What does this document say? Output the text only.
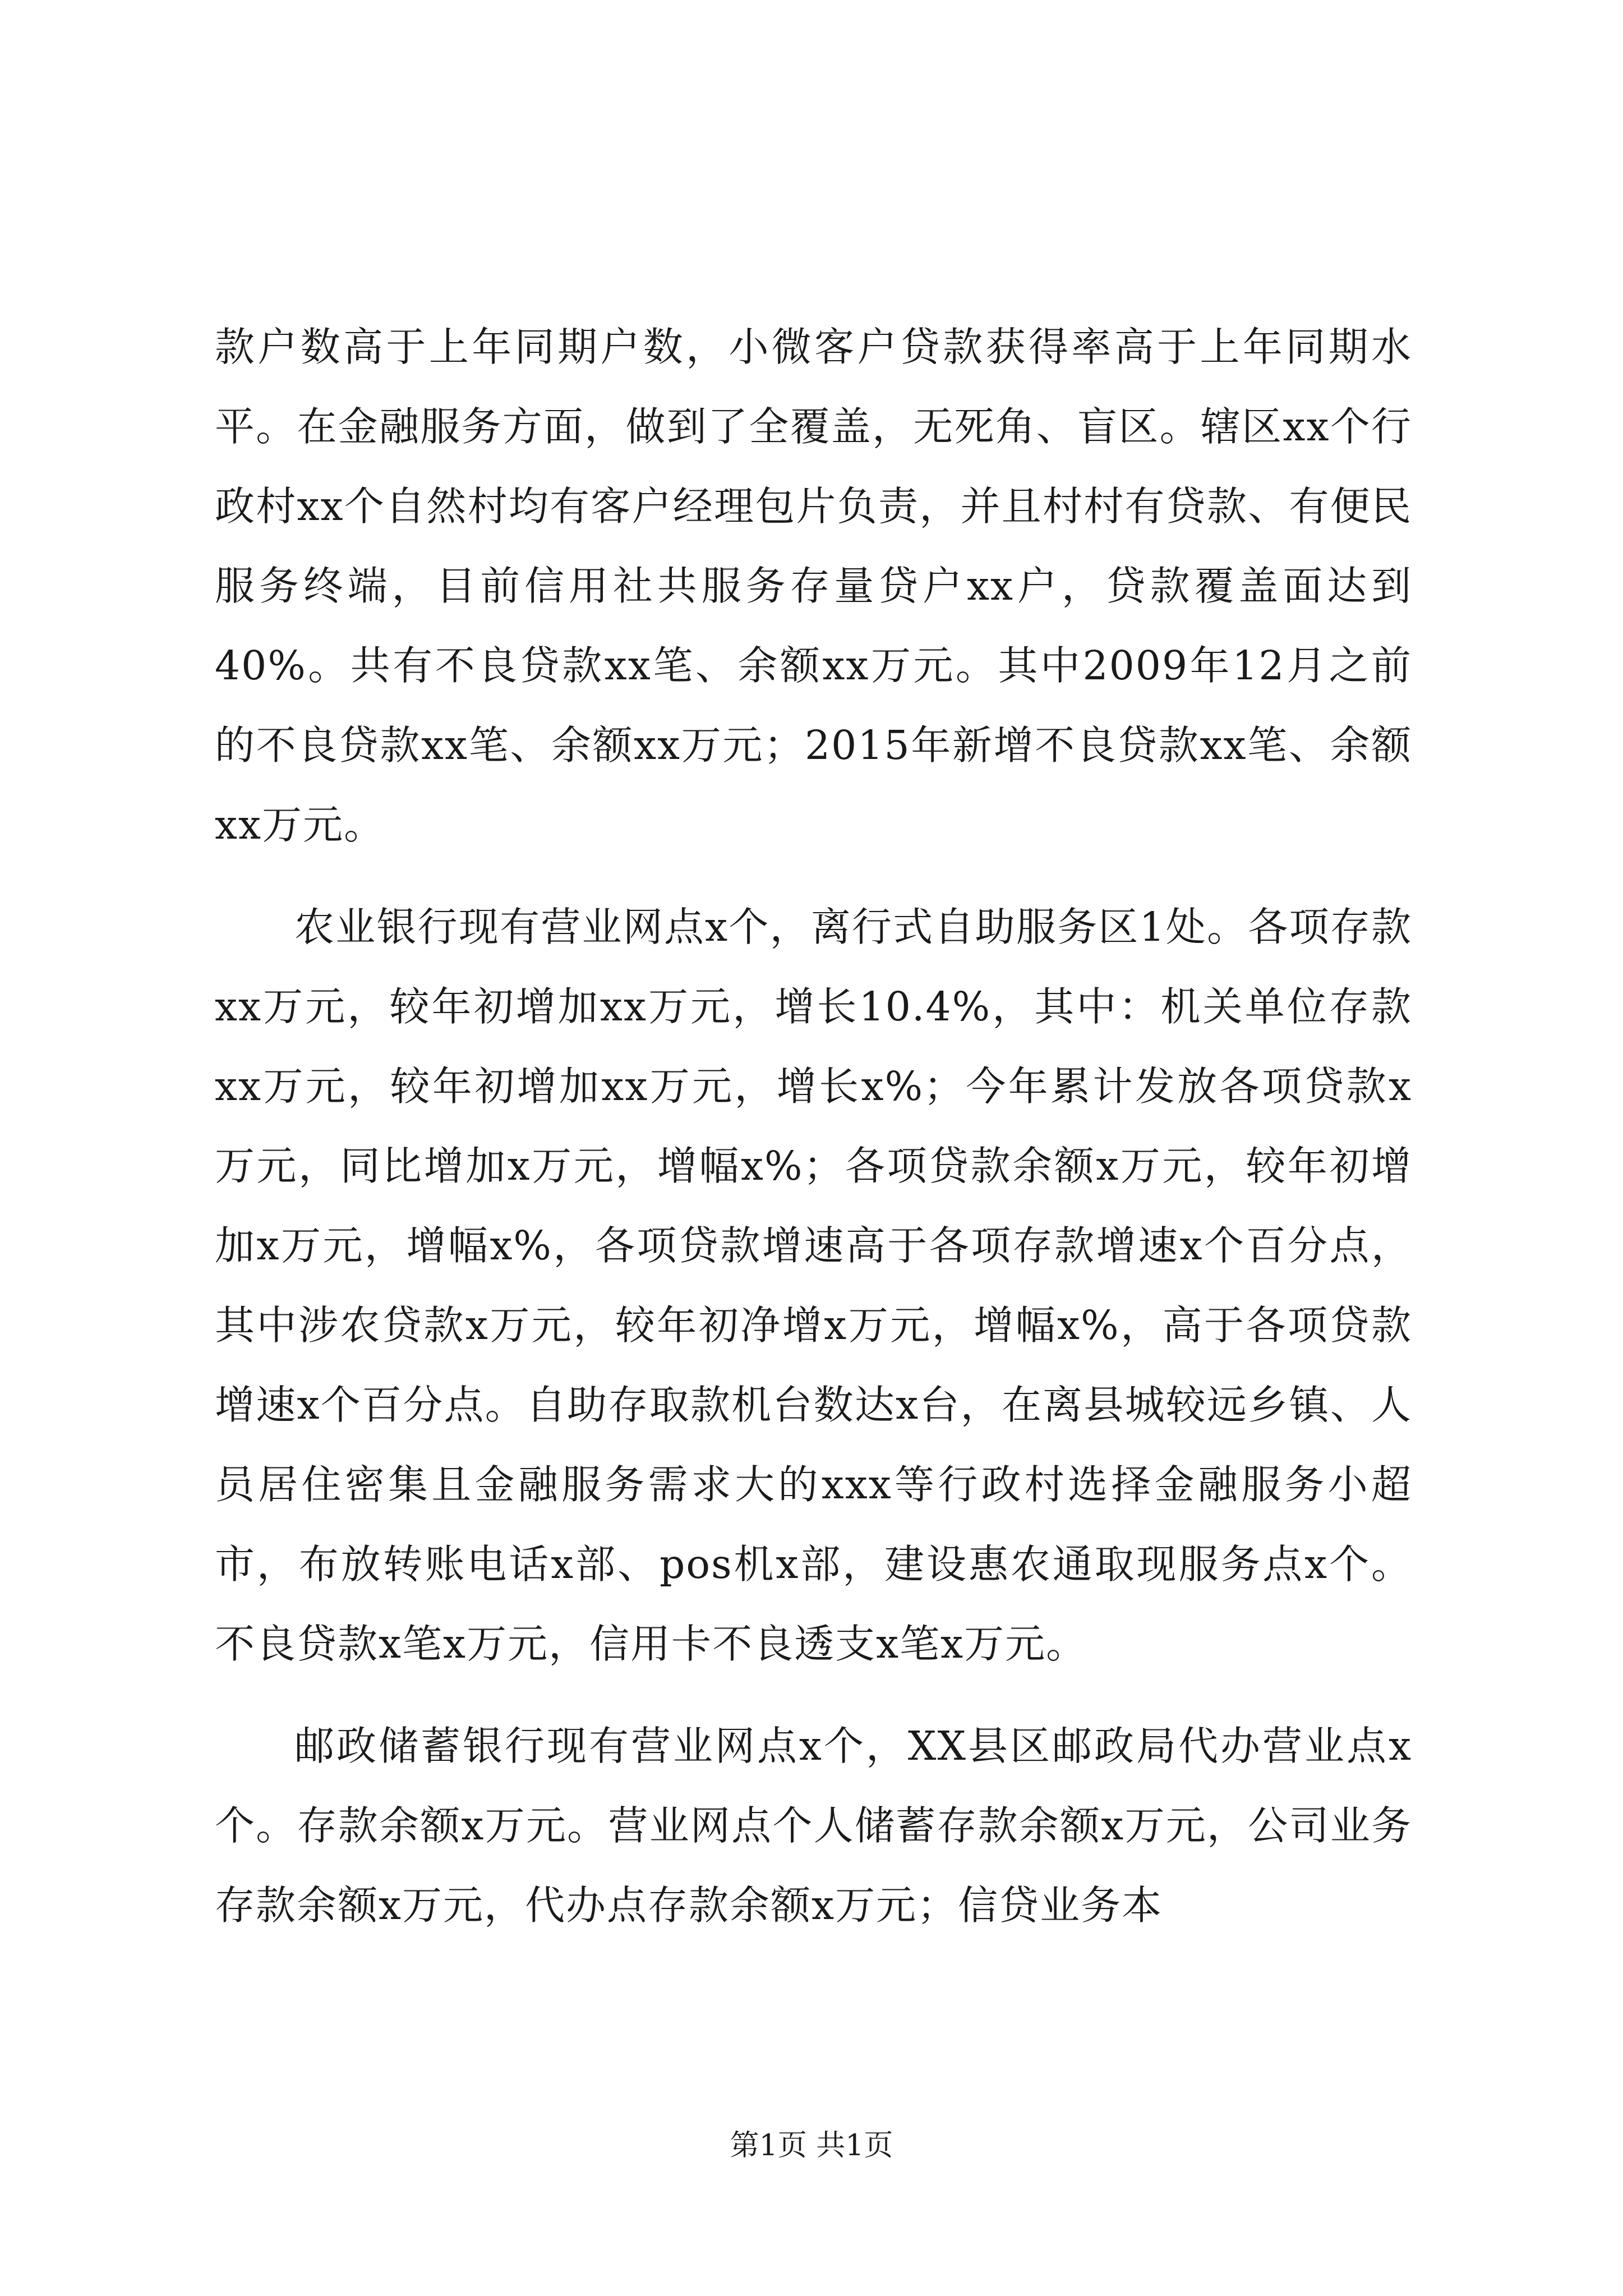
款户数高于上年同期户数，小微客户贷款获得率高于上年同期水平。在金融服务方面，做到了全覆盖，无死角、盲区。辖区xx个行政村xx个自然村均有客户经理包片负责，并且村村有贷款、有便民服务终端，目前信用社共服务存量贷户xx户，贷款覆盖面达到40%。共有不良贷款xx笔、余额xx万元。其中2009年12月之前的不良贷款xx笔、余额xx万元；2015年新增不良贷款xx笔、余额xx万元。

农业银行现有营业网点x个，离行式自助服务区1处。各项存款xx万元，较年初增加xx万元，增长10.4%，其中：机关单位存款xx万元，较年初增加xx万元，增长x%；今年累计发放各项贷款x万元，同比增加x万元，增幅x%；各项贷款余额x万元，较年初增加x万元，增幅x%，各项贷款增速高于各项存款增速x个百分点，其中涉农贷款x万元，较年初净增x万元，增幅x%，高于各项贷款增速x个百分点。自助存取款机台数达x台，在离县城较远乡镇、人员居住密集且金融服务需求大的xxx等行政村选择金融服务小超市，布放转账电话x部、pos机x部，建设惠农通取现服务点x个。不良贷款x笔x万元，信用卡不良透支x笔x万元。

邮政储蓄银行现有营业网点x个，XX县区邮政局代办营业点x个。存款余额x万元。营业网点个人储蓄存款余额x万元，公司业务存款余额x万元，代办点存款余额x万元；信贷业务本

第1页 共1页
